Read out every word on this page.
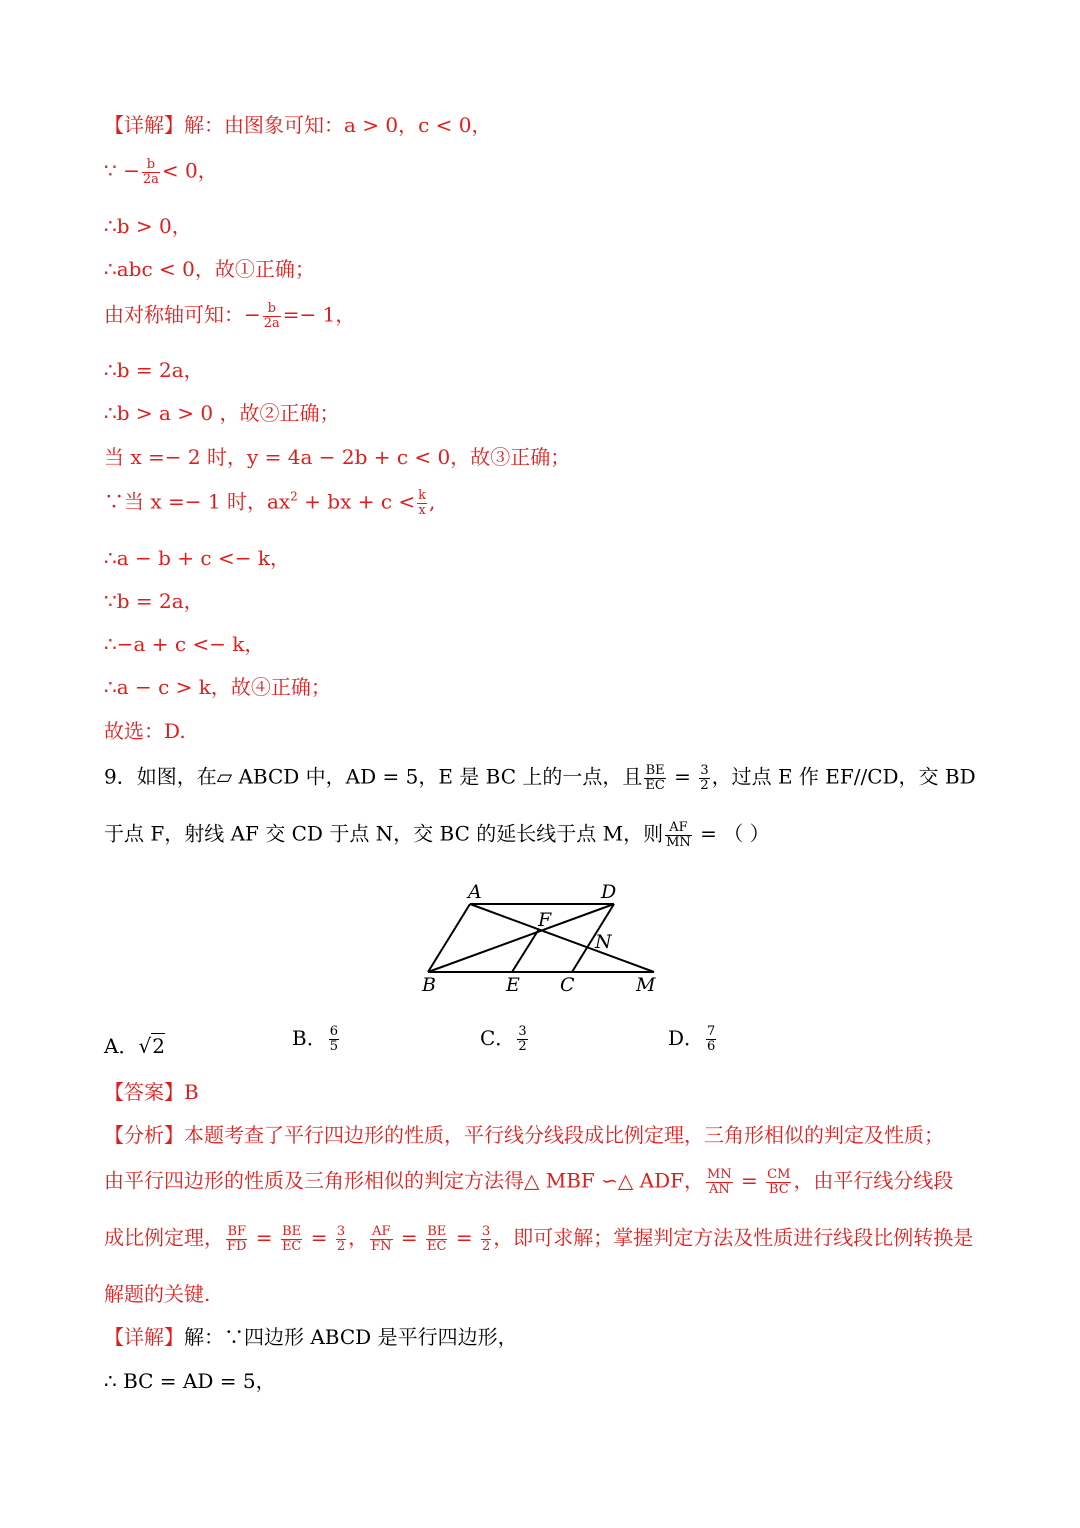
【详解】解：由图象可知：a > 0，c < 0，
∵ − $\frac{b}{2a} < 0$，
∴b > 0，
∴abc < 0，故①正确；
由对称轴可知：− $\frac{b}{2a} =- 1$，
∴b = 2a，
∴b > a > 0 ，故②正确；
当 x =− 2 时，y = 4a − 2b + c < 0，故③正确；
∵当 x =− 1 时，$ax^2$ + bx + $c < \frac{k}{x}$ ,
∴a − b + c <− k，
∵b = 2a，
∴−a + c <− k，
∴a − c > k，故④正确；
故选：D.
9．如图，在▱ ABCD 中，AD = 5，E 是 BC 上的一点，且 $\frac{BE}{EC} = \frac{3}{2}$ ，过点 E 作 EF//CD，交 BD
于点 F，射线 AF 交 CD 于点 N，交 BC 的延长线于点 M，则 $\frac{AF}{MN}$ = （ ）
A	D
F
N
B	E C	M
A．√2	B． $\frac{6}{5}$	C． $\frac{3}{2}$	D． $\frac{7}{6}$
【答案】B
【分析】本题考查了平行四边形的性质，平行线分线段成比例定理，三角形相似的判定及性质；
由平行四边形的性质及三角形相似的判定方法得△ MBF ∽△ ADF， $\frac{MN}{AN} = \frac{CM}{BC}$ ，由平行线分线段
成比例定理， $\frac{BF}{FD} = \frac{BE}{EC} = \frac{3}{2}$ ， $\frac{AF}{FN} = \frac{BE}{EC} = \frac{3}{2}$ ，即可求解；掌握判定方法及性质进行线段比例转换是
解题的关键.
【详解】解：∵四边形 ABCD 是平行四边形，
∴ BC = AD = 5，
